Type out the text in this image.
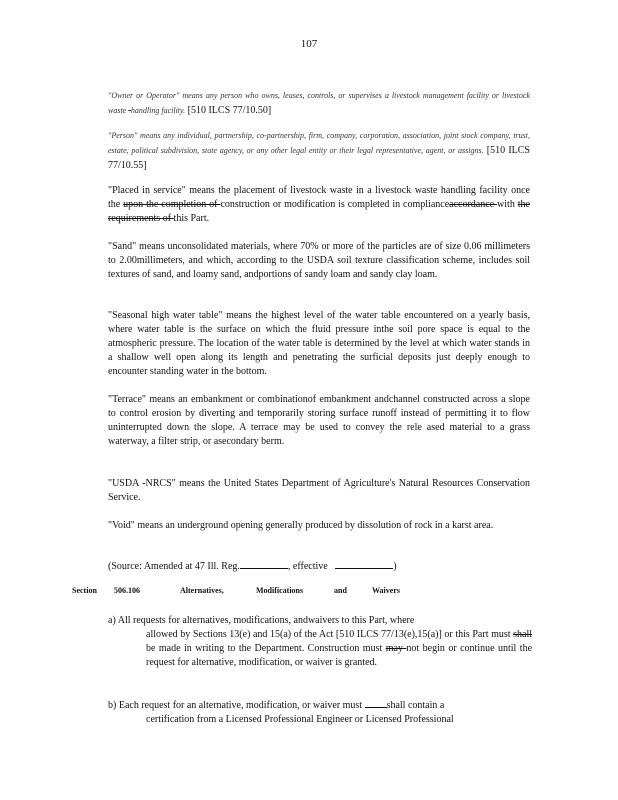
107
"Owner or Operator" means any person who owns, leases, controls, or supervises a livestock management facility or livestock waste -handling facility. [510 ILCS 77/10.50]
"Person" means any individual, partnership, co-partnership, firm, company, corporation, association, joint stock company, trust, estate, political subdivision, state agency, or any other legal entity or their legal representative, agent, or assigns. [510 ILCS 77/10.55]
"Placed in service" means the placement of livestock waste in a livestock waste handling facility once the upon the completion of construction or modification is completed in complianceaccordance with the requirements of this Part.
"Sand" means unconsolidated materials, where 70% or more of the particles are of size 0.06 millimeters to 2.00millimeters, and which, according to the USDA soil texture classification scheme, includes soil textures of sand, and loamy sand, andportions of sandy loam and sandy clay loam.
"Seasonal high water table" means the highest level of the water table encountered on a yearly basis, where water table is the surface on which the fluid pressure inthe soil pore space is equal to the atmospheric pressure. The location of the water table is determined by the level at which water stands in a shallow well open along its length and penetrating the surficial deposits just deeply enough to encounter standing water in the bottom.
"Terrace" means an embankment or combinationof embankment andchannel constructed across a slope to control erosion by diverting and temporarily storing surface runoff instead of permitting it to flow uninterrupted down the slope. A terrace may be used to convey the rele ased material to a grass waterway, a filter strip, or asecondary berm.
"USDA -NRCS" means the United States Department of Agriculture's Natural Resources Conservation Service.
"Void" means an underground opening generally produced by dissolution of rock in a karst area.
(Source: Amended at 47 Ill. Reg.	, effective	)
Section 506.106	Alternatives,	Modifications	and	Waivers
a) All requests for alternatives, modifications, andwaivers to this Part, where
allowed by Sections 13(e) and 15(a) of the Act [510 ILCS 77/13(e),15(a)] or this Part must shall be made in writing to the Department. Construction must may not begin or continue until the request for alternative, modification, or waiver is granted.
b) Each request for an alternative, modification, or waiver must shall contain a
certification from a Licensed Professional Engineer or Licensed Professional
